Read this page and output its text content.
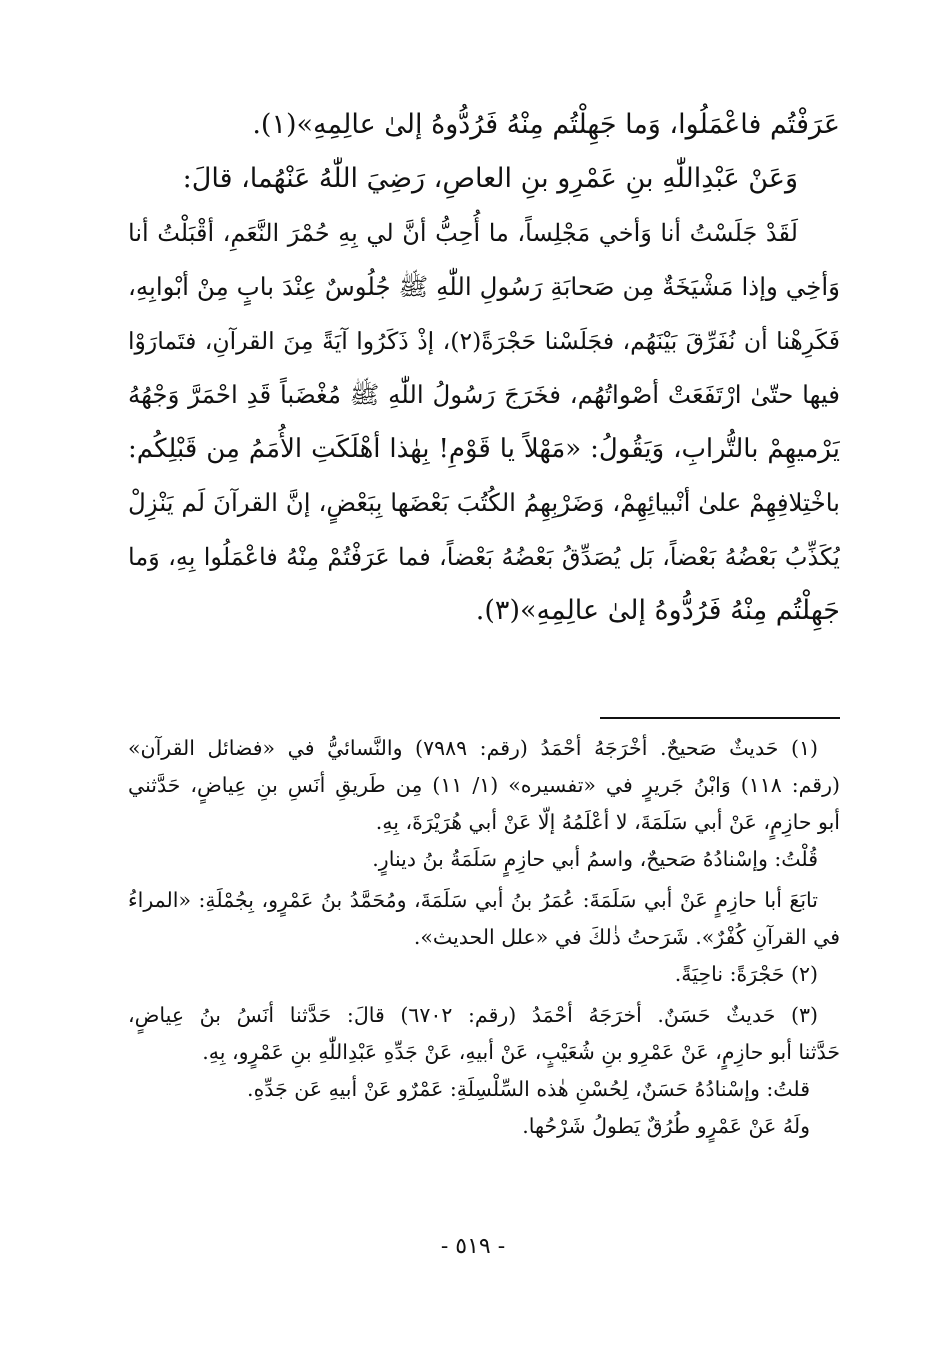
عَرَفْتُم فاعْمَلُوا، وَما جَهِلْتُم مِنْهُ فَرُدُّوهُ إلىٰ عالِمِهِ»(١).
وَعَنْ عَبْدِاللّٰهِ بنِ عَمْرِو بنِ العاصِ، رَضِيَ اللّٰهُ عَنْهُما، قالَ:
لَقَدْ جَلَسْتُ أنا وَأخي مَجْلِساً، ما أُحِبُّ أنَّ لي بِهِ حُمْرَ النَّعَمِ، أقْبَلْتُ أنا
وَأخِي وإذا مَشْيَخَةٌ مِن صَحابَةِ رَسُولِ اللّٰهِ ﷺ جُلُوسٌ عِنْدَ بابٍ مِنْ أبْوابِهِ،
فَكَرِهْنا أن نُفَرِّقَ بَيْنَهُم، فجَلَسْنا حَجْرَةً(٢)، إذْ ذَكَرُوا آيَةً مِنَ القرآنِ، فتَمارَوْا
فيها حتّىٰ ارْتَفَعَتْ أصْواتُهُم، فخَرَجَ رَسُولُ اللّٰهِ ﷺ مُغْضَباً قَدِ احْمَرَّ وَجْهُهُ
يَرْميهِمْ بالتُّرابِ، وَيَقُولُ: «مَهْلاً يا قَوْمِ! بِهٰذا أهْلَكَتِ الأُمَمُ مِن قَبْلِكُم:
باخْتِلافِهِمْ علىٰ أنْبيائِهِمْ، وَضَرْبِهِمُ الكُتُبَ بَعْضَها بِبَعْضٍ، إنَّ القرآنَ لَم يَنْزِلْ
يُكَذِّبُ بَعْضُهُ بَعْضاً، بَل يُصَدِّقُ بَعْضُهُ بَعْضاً، فما عَرَفْتُمْ مِنْهُ فاعْمَلُوا بِهِ، وَما
جَهِلْتُم مِنْهُ فَرُدُّوهُ إلىٰ عالِمِهِ»(٣).
(١) حَديثٌ صَحيحٌ. أخْرَجَهُ أحْمَدُ (رقم: ٧٩٨٩) والنَّسائيُّ في «فضائل القرآن»
(رقم: ١١٨) وَابْنُ جَريرٍ في «تفسيره» (١/ ١١) مِن طَريقِ أنَسِ بنِ عِياضٍ، حَدَّثني
أبو حازِمٍ، عَنْ أبي سَلَمَةَ، لا أعْلَمُهُ إلّا عَنْ أبي هُرَيْرَةَ، بِهِ.
قُلْتُ: وإسْنادُهُ صَحيحٌ، واسمُ أبي حازِمٍ سَلَمَةُ بنُ دينارٍ.
تابَعَ أبا حازِمٍ عَنْ أبي سَلَمَةَ: عُمَرُ بنُ أبي سَلَمَةَ، ومُحَمَّدُ بنُ عَمْرٍو، بِجُمْلَةِ: «المراءُ
في القرآنِ كُفْرٌ». شَرَحتُ ذٰلكَ في «علل الحديث».
(٢) حَجْرَةً: ناحِيَةً.
(٣) حَديثٌ حَسَنٌ. أخرَجَهُ أحْمَدُ (رقم: ٦٧٠٢) قالَ: حَدَّثنا أنَسُ بنُ عِياضٍ،
حَدَّثنا أبو حازِمٍ، عَنْ عَمْرِو بنِ شُعَيْبٍ، عَنْ أبيهِ، عَنْ جَدِّهِ عَبْدِاللّٰهِ بنِ عَمْرٍو، بِهِ.
قلتُ: وإسْنادُهُ حَسَنٌ، لِحُسْنِ هٰذه السِّلْسِلَةِ: عَمْرٌو عَنْ أبيهِ عَن جَدِّهِ.
ولَهُ عَنْ عَمْرٍو طُرُقٌ يَطولُ شَرْحُها.
- ٥١٩ -
